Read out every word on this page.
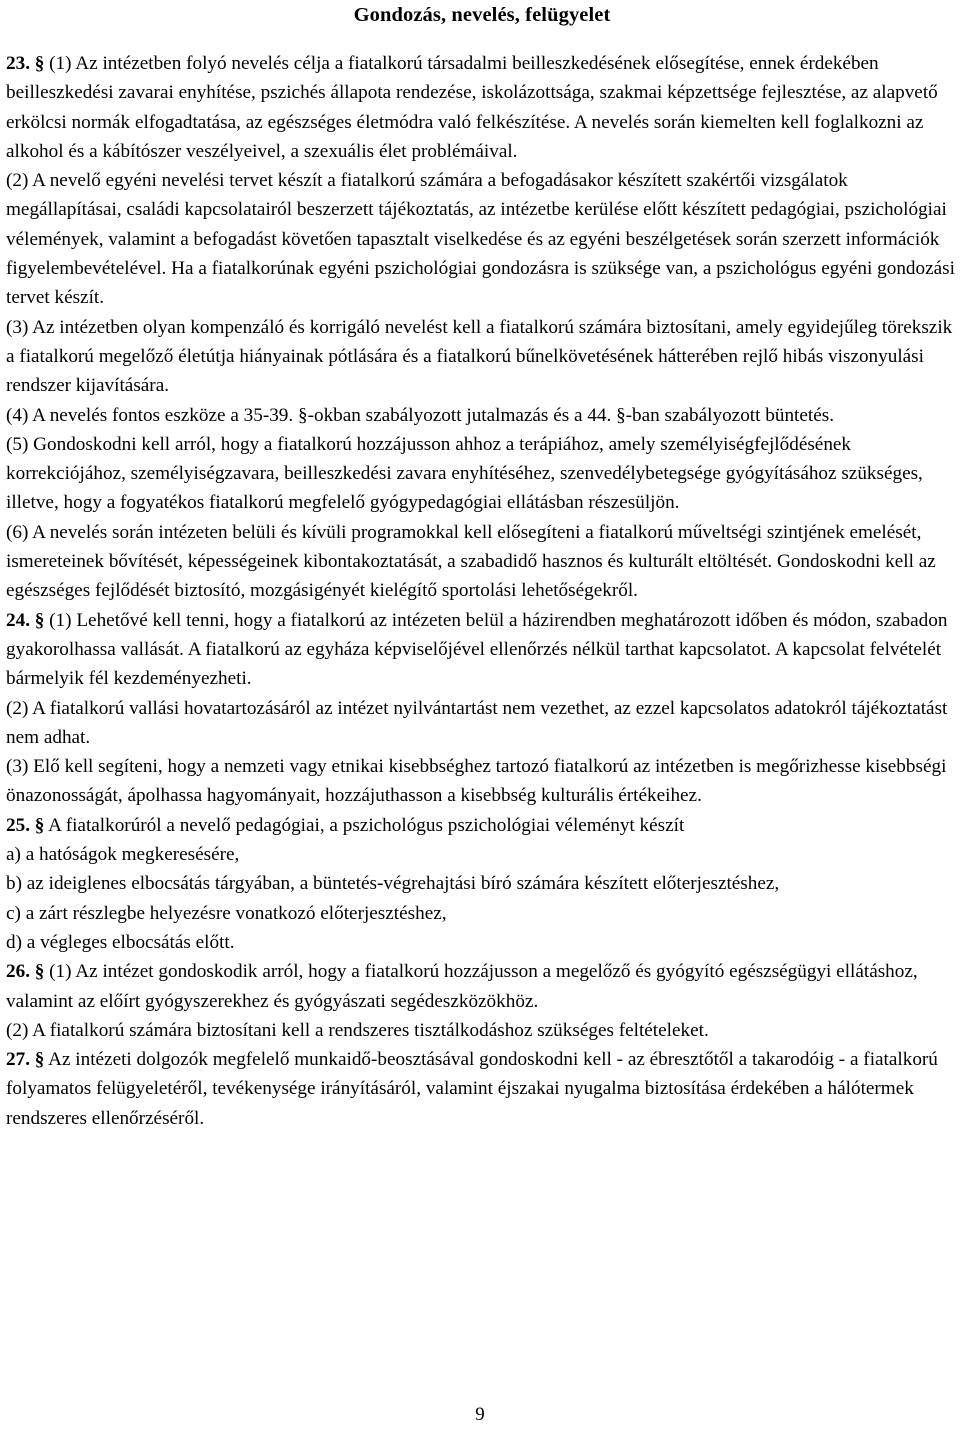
Gondozás, nevelés, felügyelet

23. § (1) Az intézetben folyó nevelés célja a fiatalkorú társadalmi beilleszkedésének elősegítése, ennek érdekében beilleszkedési zavarai enyhítése, pszichés állapota rendezése, iskolázottsága, szakmai képzettsége fejlesztése, az alapvető erkölcsi normák elfogadtatása, az egészséges életmódra való felkészítése. A nevelés során kiemelten kell foglalkozni az alkohol és a kábítószer veszélyeivel, a szexuális élet problémáival.

(2) A nevelő egyéni nevelési tervet készít a fiatalkorú számára a befogadásakor készített szakértői vizsgálatok megállapításai, családi kapcsolatairól beszerzett tájékoztatás, az intézetbe kerülése előtt készített pedagógiai, pszichológiai vélemények, valamint a befogadást követően tapasztalt viselkedése és az egyéni beszélgetések során szerzett információk figyelembevételével. Ha a fiatalkorúnak egyéni pszichológiai gondozásra is szüksége van, a pszichológus egyéni gondozási tervet készít.

(3) Az intézetben olyan kompenzáló és korrigáló nevelést kell a fiatalkorú számára biztosítani, amely egyidejűleg törekszik a fiatalkorú megelőző életútja hiányainak pótlására és a fiatalkorú bűnelkövetésének hátterében rejlő hibás viszonyulási rendszer kijavítására.

(4) A nevelés fontos eszköze a 35-39. §-okban szabályozott jutalmazás és a 44. §-ban szabályozott büntetés.

(5) Gondoskodni kell arról, hogy a fiatalkorú hozzájusson ahhoz a terápiához, amely személyiségfejlődésének korrekciójához, személyiségzavara, beilleszkedési zavara enyhítéséhez, szenvedélybetegsége gyógyításához szükséges, illetve, hogy a fogyatékos fiatalkorú megfelelő gyógypedagógiai ellátásban részesüljön.

(6) A nevelés során intézeten belüli és kívüli programokkal kell elősegíteni a fiatalkorú műveltségi szintjének emelését, ismereteinek bővítését, képességeinek kibontakoztatását, a szabadidő hasznos és kulturált eltöltését. Gondoskodni kell az egészséges fejlődését biztosító, mozgásigényét kielégítő sportolási lehetőségekről.

24. § (1) Lehetővé kell tenni, hogy a fiatalkorú az intézeten belül a házirendben meghatározott időben és módon, szabadon gyakorolhassa vallását. A fiatalkorú az egyháza képviselőjével ellenőrzés nélkül tarthat kapcsolatot. A kapcsolat felvételét bármelyik fél kezdeményezheti.

(2) A fiatalkorú vallási hovatartozásáról az intézet nyilvántartást nem vezethet, az ezzel kapcsolatos adatokról tájékoztatást nem adhat.

(3) Elő kell segíteni, hogy a nemzeti vagy etnikai kisebbséghez tartozó fiatalkorú az intézetben is megőrizhesse kisebbségi önazonosságát, ápolhassa hagyományait, hozzájuthasson a kisebbség kulturális értékeihez.

25. § A fiatalkorúról a nevelő pedagógiai, a pszichológus pszichológiai véleményt készít

a) a hatóságok megkeresésére,

b) az ideiglenes elbocsátás tárgyában, a büntetés-végrehajtási bíró számára készített előterjesztéshez,

c) a zárt részlegbe helyezésre vonatkozó előterjesztéshez,

d) a végleges elbocsátás előtt.

26. § (1) Az intézet gondoskodik arról, hogy a fiatalkorú hozzájusson a megelőző és gyógyító egészségügyi ellátáshoz, valamint az előírt gyógyszerekhez és gyógyászati segédeszközökhöz.

(2) A fiatalkorú számára biztosítani kell a rendszeres tisztálkodáshoz szükséges feltételeket.

27. § Az intézeti dolgozók megfelelő munkaidő-beosztásával gondoskodni kell - az ébresztőtől a takarodóig - a fiatalkorú folyamatos felügyeletéről, tevékenysége irányításáról, valamint éjszakai nyugalma biztosítása érdekében a hálótermek rendszeres ellenőrzéséről.

9
